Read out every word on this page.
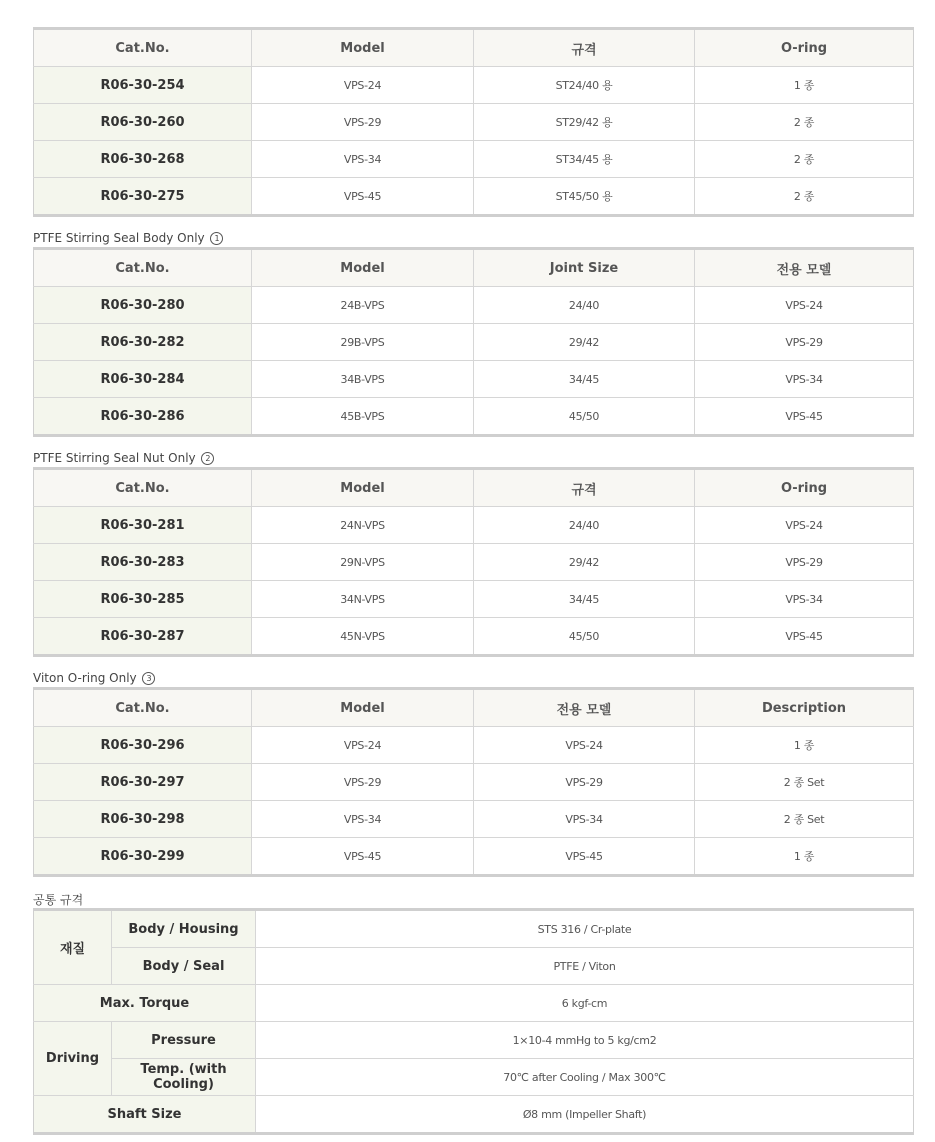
Cat.No.	Model	규격	O-ring
R06-30-254	VPS-24	ST24/40 용	1 종
R06-30-260	VPS-29	ST29/42 용	2 종
R06-30-268	VPS-34	ST34/45 용	2 종
R06-30-275	VPS-45	ST45/50 용	2 종
PTFE Stirring Seal Body Only 1
Cat.No.	Model	Joint Size	전용 모델
R06-30-280	24B-VPS	24/40	VPS-24
R06-30-282	29B-VPS	29/42	VPS-29
R06-30-284	34B-VPS	34/45	VPS-34
R06-30-286	45B-VPS	45/50	VPS-45
PTFE Stirring Seal Nut Only 2
Cat.No.	Model	규격	O-ring
R06-30-281	24N-VPS	24/40	VPS-24
R06-30-283	29N-VPS	29/42	VPS-29
R06-30-285	34N-VPS	34/45	VPS-34
R06-30-287	45N-VPS	45/50	VPS-45
Viton O-ring Only 3
Cat.No.	Model	전용 모델	Description
R06-30-296	VPS-24	VPS-24	1 종
R06-30-297	VPS-29	VPS-29	2 종 Set
R06-30-298	VPS-34	VPS-34	2 종 Set
R06-30-299	VPS-45	VPS-45	1 종
공통 규격
재질	Body / Housing	STS 316 / Cr-plate
	Body / Seal	PTFE / Viton
Max. Torque		6 kgf-cm
Driving	Pressure	1×10-4 mmHg to 5 kg/cm2
	Temp. (with Cooling)	70℃ after Cooling / Max 300℃
Shaft Size		Ø8 mm (Impeller Shaft)
